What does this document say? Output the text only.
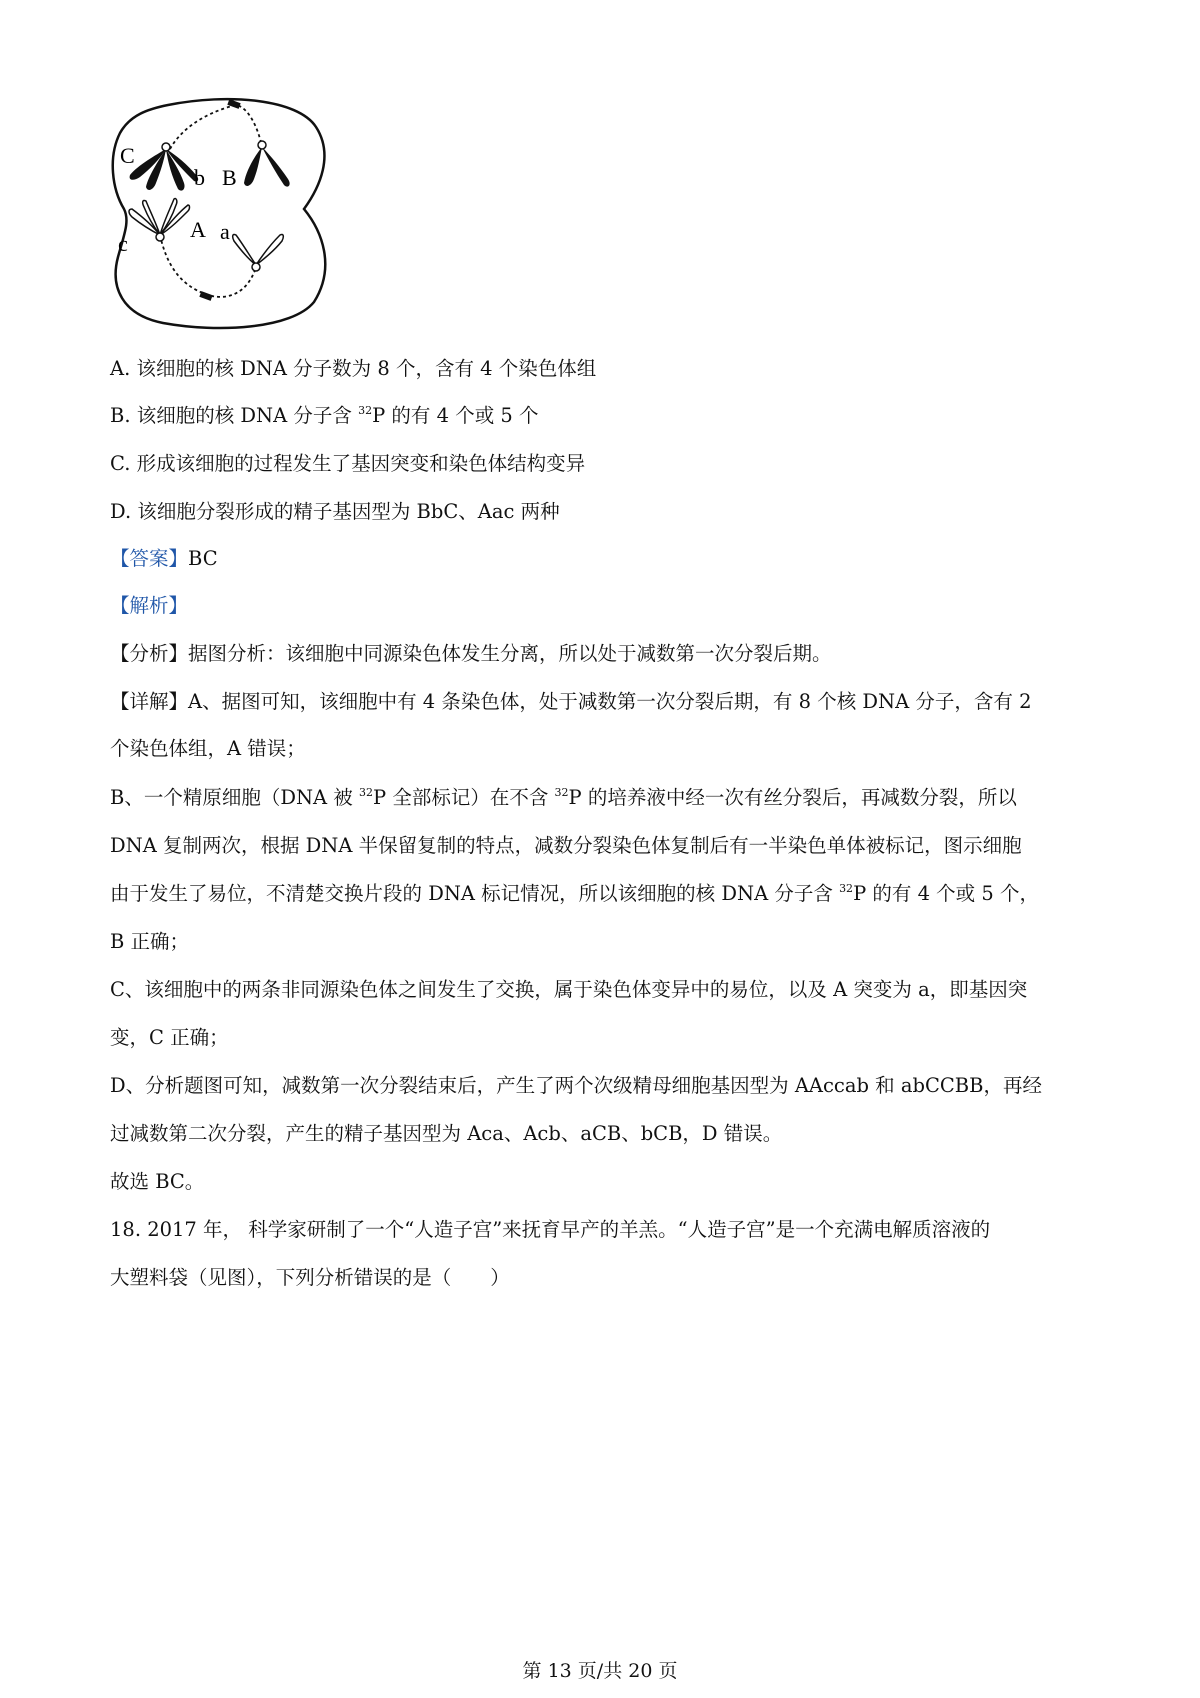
C
b B
c
A a
A. 该细胞的核 DNA 分子数为 8 个，含有 4 个染色体组
B. 该细胞的核 DNA 分子含 $^{32}$P 的有 4 个或 5 个
C. 形成该细胞的过程发生了基因突变和染色体结构变异
D. 该细胞分裂形成的精子基因型为 BbC、Aac 两种
【答案】BC
【解析】
【分析】据图分析：该细胞中同源染色体发生分离，所以处于减数第一次分裂后期。
【详解】A、据图可知，该细胞中有 4 条染色体，处于减数第一次分裂后期，有 8 个核 DNA 分子，含有 2
个染色体组，A 错误；
B、一个精原细胞（DNA 被 $^{32}$P 全部标记）在不含 $^{32}$P 的培养液中经一次有丝分裂后，再减数分裂，所以
DNA 复制两次，根据 DNA 半保留复制的特点，减数分裂染色体复制后有一半染色单体被标记，图示细胞
由于发生了易位，不清楚交换片段的 DNA 标记情况，所以该细胞的核 DNA 分子含 $^{32}$P 的有 4 个或 5 个，
B 正确；
C、该细胞中的两条非同源染色体之间发生了交换，属于染色体变异中的易位，以及 A 突变为 a，即基因突
变，C 正确；
D、分析题图可知，减数第一次分裂结束后，产生了两个次级精母细胞基因型为 AAccab 和 abCCBB，再经
过减数第二次分裂，产生的精子基因型为 Aca、Acb、aCB、bCB，D 错误。
故选 BC。
18. 2017 年， 科学家研制了一个“人造子宫”来抚育早产的羊羔。“人造子宫”是一个充满电解质溶液的
大塑料袋（见图），下列分析错误的是（　　）
第 13 页/共 20 页
